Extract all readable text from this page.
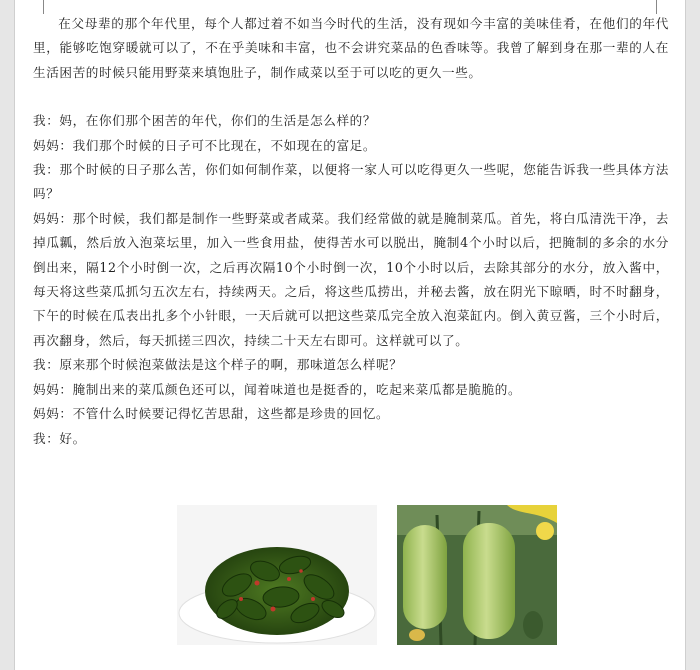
在父母辈的那个年代里，每个人都过着不如当今时代的生活，没有现如今丰富的美味佳肴，在他们的年代里，能够吃饱穿暖就可以了，不在乎美味和丰富，也不会讲究菜品的色香味等。我曾了解到身在那一辈的人在生活困苦的时候只能用野菜来填饱肚子，制作咸菜以至于可以吃的更久一些。

我：妈，在你们那个困苦的年代，你们的生活是怎么样的？

妈妈：我们那个时候的日子可不比现在，不如现在的富足。

我：那个时候的日子那么苦，你们如何制作菜，以便将一家人可以吃得更久一些呢，您能告诉我一些具体方法吗？

妈妈：那个时候，我们都是制作一些野菜或者咸菜。我们经常做的就是腌制菜瓜。首先，将白瓜清洗干净，去掉瓜瓤，然后放入泡菜坛里，加入一些食用盐，使得苦水可以脱出，腌制4个小时以后，把腌制的多余的水分倒出来，隔12个小时倒一次，之后再次隔10个小时倒一次，10个小时以后，去除其部分的水分，放入酱中，每天将这些菜瓜抓匀五次左右，持续两天。之后，将这些瓜捞出，并秘去酱，放在阴光下晾晒，时不时翻身，下午的时候在瓜表出扎多个小针眼，一天后就可以把这些菜瓜完全放入泡菜缸内。倒入黄豆酱，三个小时后，再次翻身，然后，每天抓搓三四次，持续二十天左右即可。这样就可以了。

我：原来那个时候泡菜做法是这个样子的啊，那味道怎么样呢？

妈妈：腌制出来的菜瓜颜色还可以，闻着味道也是挺香的，吃起来菜瓜都是脆脆的。

妈妈：不管什么时候要记得忆苦思甜，这些都是珍贵的回忆。

我：好。
